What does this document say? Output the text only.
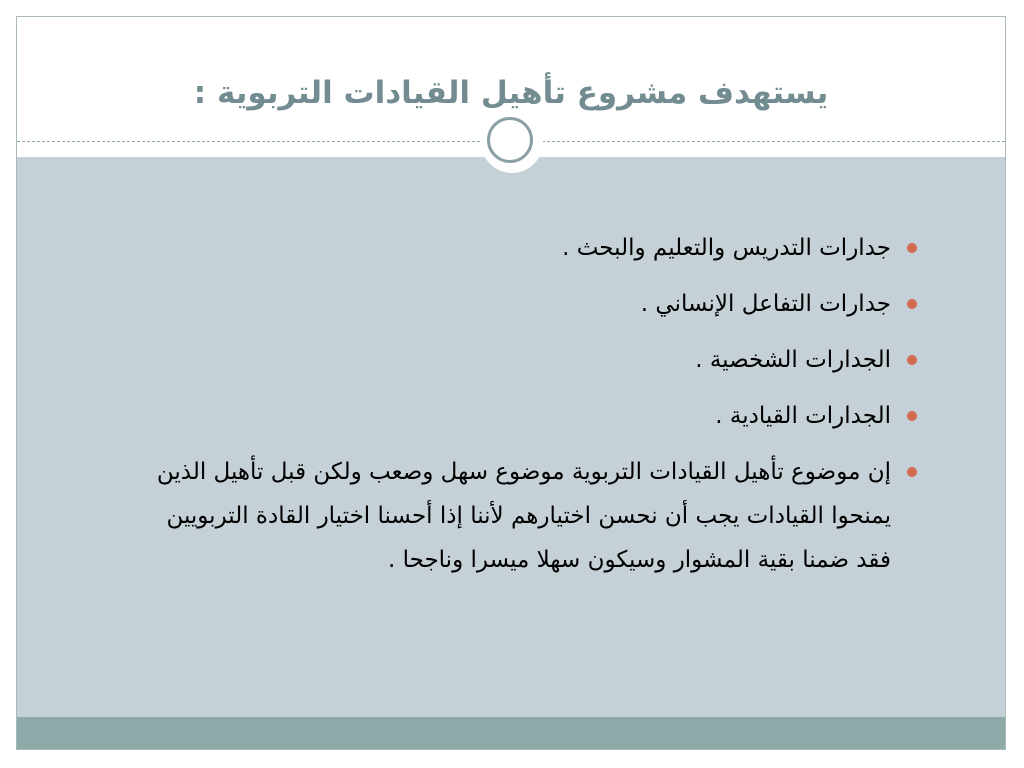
يستهدف مشروع تأهيل القيادات التربوية :
جدارات التدريس والتعليم والبحث .
جدارات التفاعل الإنساني .
الجدارات الشخصية .
الجدارات القيادية .
إن موضوع تأهيل القيادات التربوية موضوع سهل وصعب ولكن قبل تأهيل الذين يمنحوا القيادات يجب أن نحسن اختيارهم لأننا إذا أحسنا اختيار القادة التربويين فقد ضمنا بقية المشوار وسيكون سهلا ميسرا وناجحا .
